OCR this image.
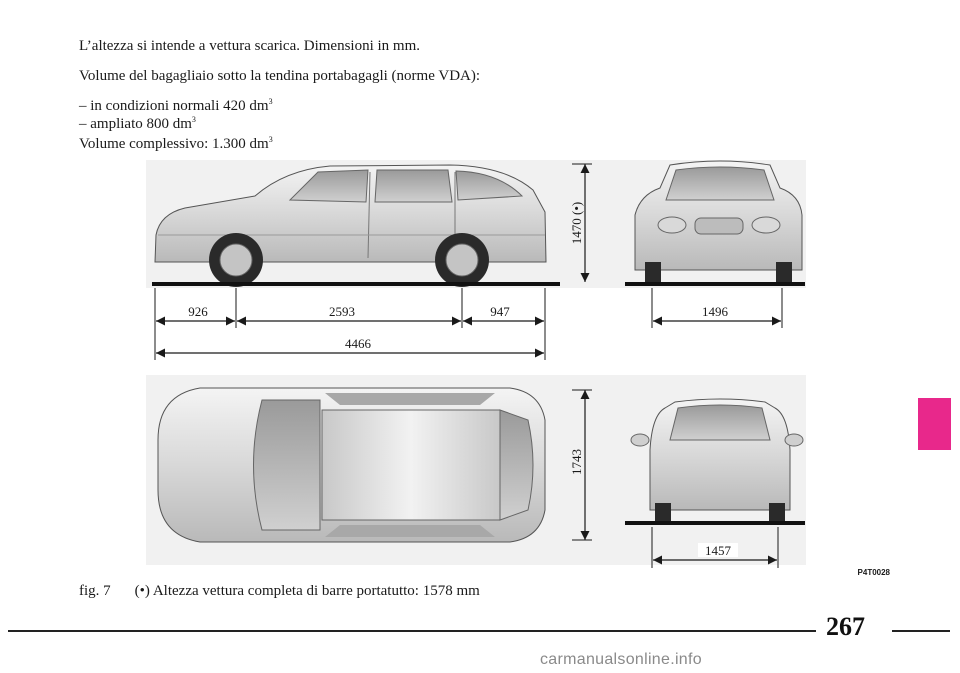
L’altezza si intende a vettura scarica. Dimensioni in mm.
Volume del bagagliaio sotto la tendina portabagagli (norme VDA):
– in condizioni normali 420 $dm^3$
– ampliato 800 $dm^3$
Volume complessivo: 1.300 $dm^3$
926	2593	947
4466
1496
1457
1470 (•)
1743
P4T0028
fig. 7 (•) Altezza vettura completa di barre portatutto: 1578 mm
267
carmanualsonline.info
